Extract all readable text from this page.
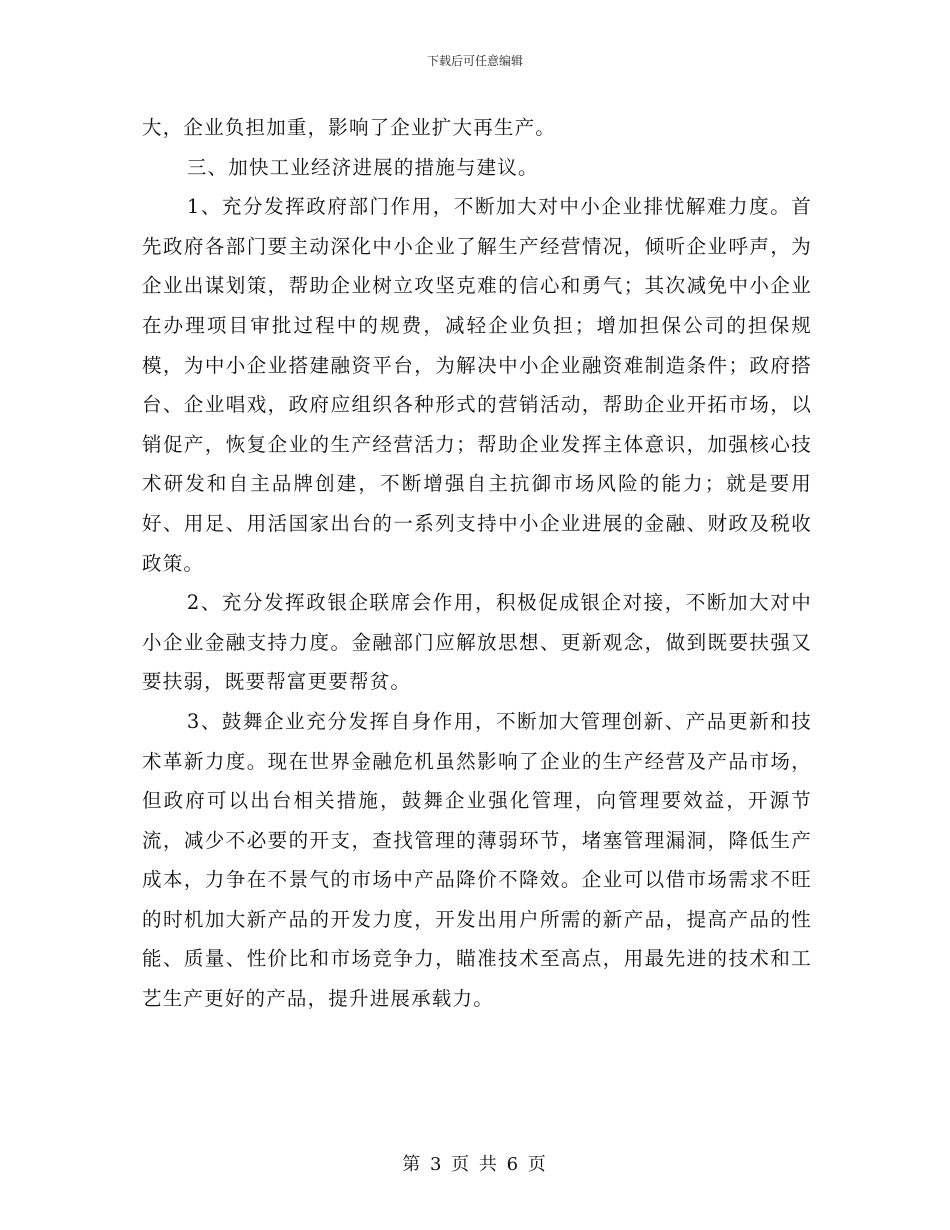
下载后可任意编辑

大，企业负担加重，影响了企业扩大再生产。

三、加快工业经济进展的措施与建议。

1、充分发挥政府部门作用，不断加大对中小企业排忧解难力度。首先政府各部门要主动深化中小企业了解生产经营情况，倾听企业呼声，为企业出谋划策，帮助企业树立攻坚克难的信心和勇气；其次减免中小企业在办理项目审批过程中的规费，减轻企业负担；增加担保公司的担保规模，为中小企业搭建融资平台，为解决中小企业融资难制造条件；政府搭台、企业唱戏，政府应组织各种形式的营销活动，帮助企业开拓市场，以销促产，恢复企业的生产经营活力；帮助企业发挥主体意识，加强核心技术研发和自主品牌创建，不断增强自主抗御市场风险的能力；就是要用好、用足、用活国家出台的一系列支持中小企业进展的金融、财政及税收政策。

2、充分发挥政银企联席会作用，积极促成银企对接，不断加大对中小企业金融支持力度。金融部门应解放思想、更新观念，做到既要扶强又要扶弱，既要帮富更要帮贫。

3、鼓舞企业充分发挥自身作用，不断加大管理创新、产品更新和技术革新力度。现在世界金融危机虽然影响了企业的生产经营及产品市场，但政府可以出台相关措施，鼓舞企业强化管理，向管理要效益，开源节流，减少不必要的开支，查找管理的薄弱环节，堵塞管理漏洞，降低生产成本，力争在不景气的市场中产品降价不降效。企业可以借市场需求不旺的时机加大新产品的开发力度，开发出用户所需的新产品，提高产品的性能、质量、性价比和市场竞争力，瞄准技术至高点，用最先进的技术和工艺生产更好的产品，提升进展承载力。

第 3 页 共 6 页
